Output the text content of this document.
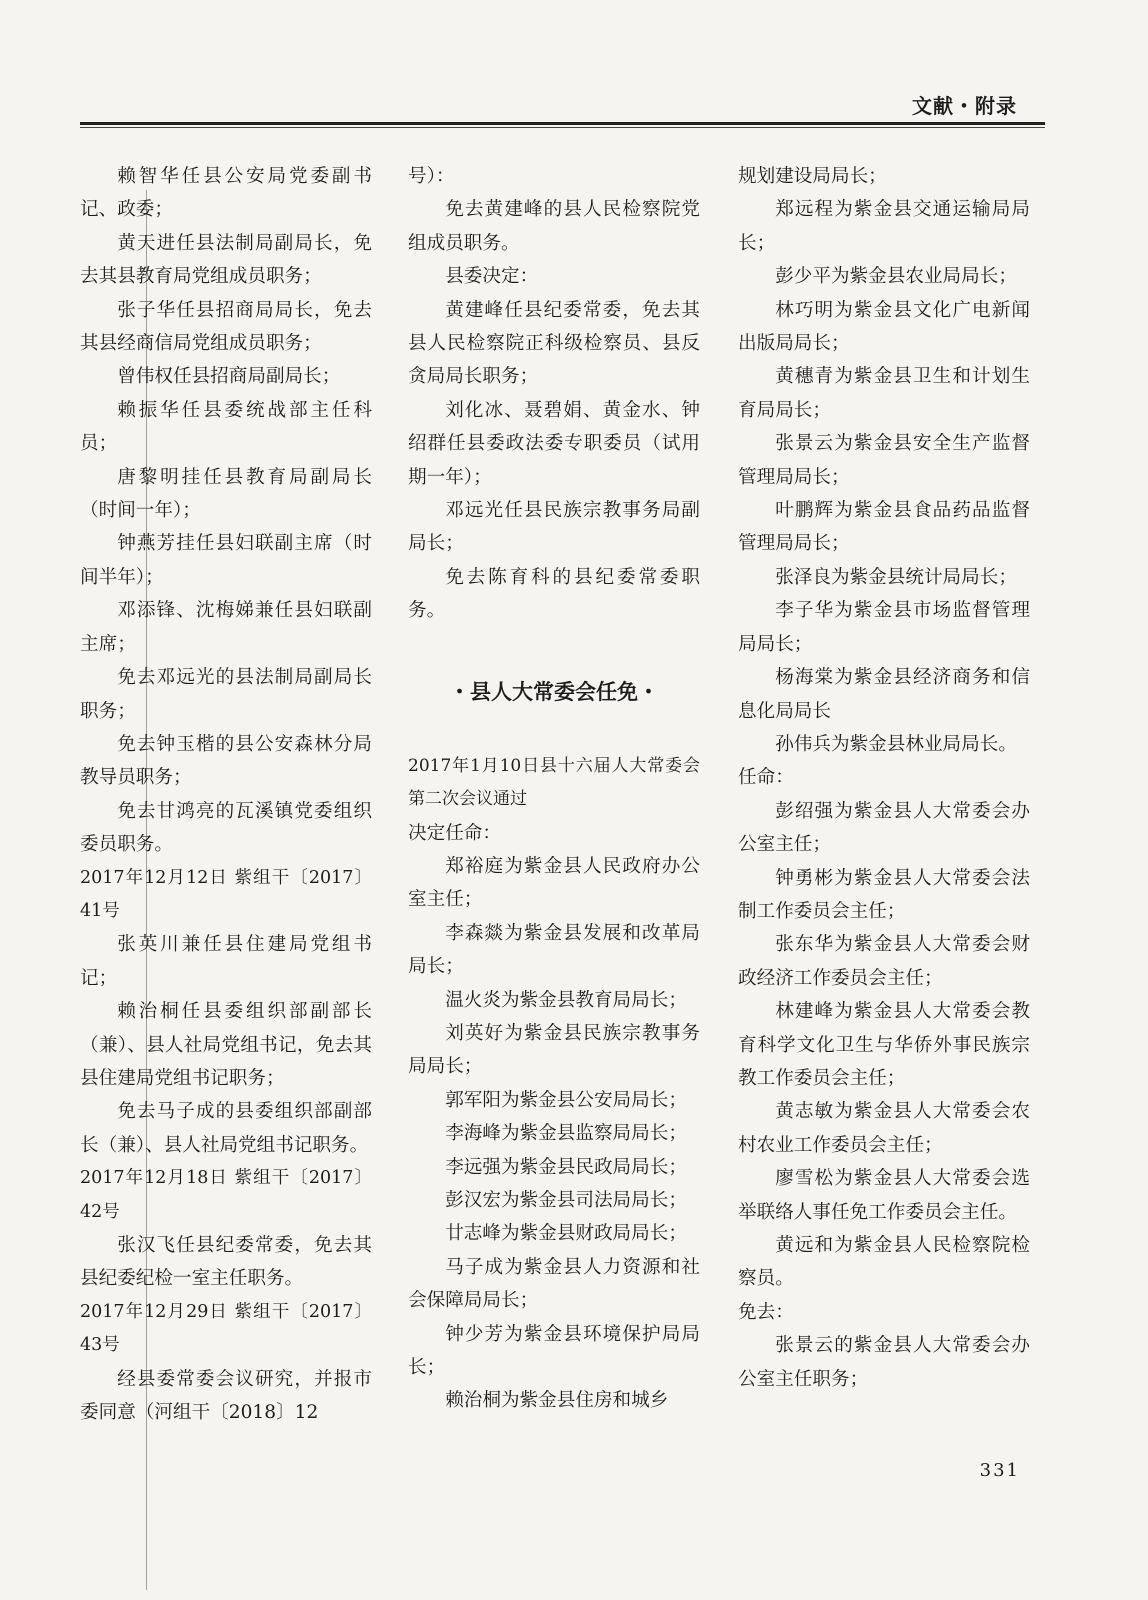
文献・附录

赖智华任县公安局党委副书记、政委；

黄天进任县法制局副局长，免去其县教育局党组成员职务；

张子华任县招商局局长，免去其县经商信局党组成员职务；

曾伟权任县招商局副局长；

赖振华任县委统战部主任科员；

唐黎明挂任县教育局副局长（时间一年）；

钟燕芳挂任县妇联副主席（时间半年）；

邓添锋、沈梅娣兼任县妇联副主席；

免去邓远光的县法制局副局长职务；

免去钟玉楷的县公安森林分局教导员职务；

免去甘鸿亮的瓦溪镇党委组织委员职务。

2017年12月12日 紫组干〔2017〕41号

张英川兼任县住建局党组书记；

赖治桐任县委组织部副部长（兼）、县人社局党组书记，免去其县住建局党组书记职务；

免去马子成的县委组织部副部长（兼）、县人社局党组书记职务。

2017年12月18日 紫组干〔2017〕42号

张汉飞任县纪委常委，免去其县纪委纪检一室主任职务。

2017年12月29日 紫组干〔2017〕43号

经县委常委会议研究，并报市委同意（河组干〔2018〕12

号）：

免去黄建峰的县人民检察院党组成员职务。

县委决定：

黄建峰任县纪委常委，免去其县人民检察院正科级检察员、县反贪局局长职务；

刘化冰、聂碧娟、黄金水、钟绍群任县委政法委专职委员（试用期一年）；

邓远光任县民族宗教事务局副局长；

免去陈育科的县纪委常委职务。

・县人大常委会任免・

2017年1月10日县十六届人大常委会第二次会议通过

决定任命：

郑裕庭为紫金县人民政府办公室主任；

李森燚为紫金县发展和改革局局长；

温火炎为紫金县教育局局长；

刘英好为紫金县民族宗教事务局局长；

郭军阳为紫金县公安局局长；

李海峰为紫金县监察局局长；

李远强为紫金县民政局局长；

彭汉宏为紫金县司法局局长；

廿志峰为紫金县财政局局长；

马子成为紫金县人力资源和社会保障局局长；

钟少芳为紫金县环境保护局局长；

赖治桐为紫金县住房和城乡

规划建设局局长；

郑远程为紫金县交通运输局局长；

彭少平为紫金县农业局局长；

林巧明为紫金县文化广电新闻出版局局长；

黄穗青为紫金县卫生和计划生育局局长；

张景云为紫金县安全生产监督管理局局长；

叶鹏辉为紫金县食品药品监督管理局局长；

张泽良为紫金县统计局局长；

李子华为紫金县市场监督管理局局长；

杨海棠为紫金县经济商务和信息化局局长

孙伟兵为紫金县林业局局长。

任命：

彭绍强为紫金县人大常委会办公室主任；

钟勇彬为紫金县人大常委会法制工作委员会主任；

张东华为紫金县人大常委会财政经济工作委员会主任；

林建峰为紫金县人大常委会教育科学文化卫生与华侨外事民族宗教工作委员会主任；

黄志敏为紫金县人大常委会农村农业工作委员会主任；

廖雪松为紫金县人大常委会选举联络人事任免工作委员会主任。

黄远和为紫金县人民检察院检察员。

免去：

张景云的紫金县人大常委会办公室主任职务；

331
